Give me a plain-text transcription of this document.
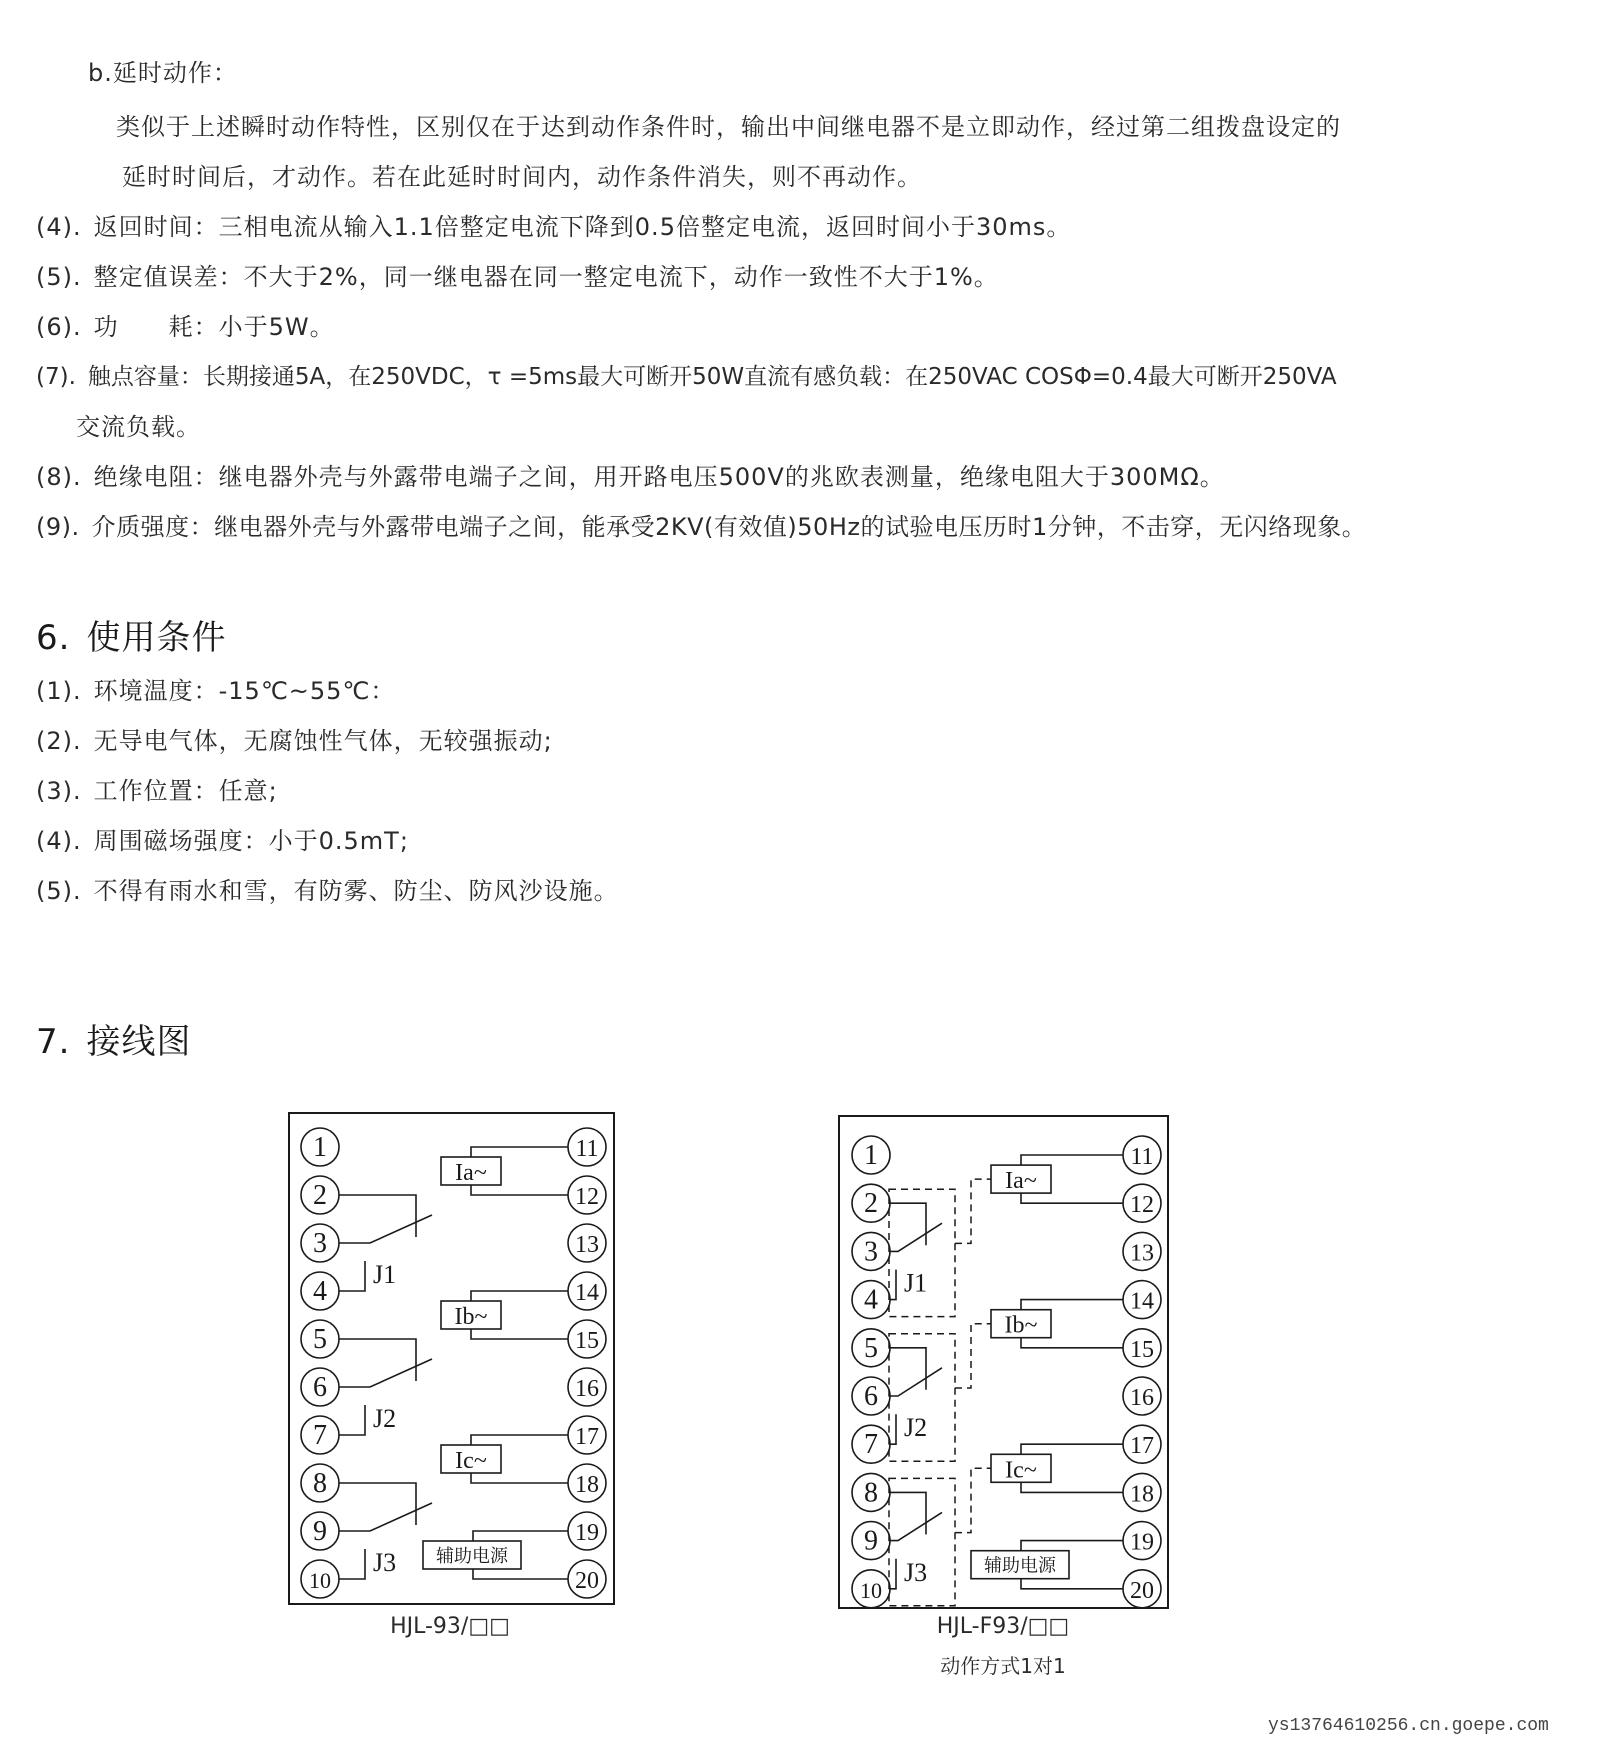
b.延时动作：
类似于上述瞬时动作特性，区别仅在于达到动作条件时，输出中间继电器不是立即动作，经过第二组拨盘设定的
延时时间后，才动作。若在此延时时间内，动作条件消失，则不再动作。
(4). 返回时间：三相电流从输入1.1倍整定电流下降到0.5倍整定电流，返回时间小于30ms。
(5). 整定值误差：不大于2%，同一继电器在同一整定电流下，动作一致性不大于1%。
(6). 功　　耗：小于5W。
(7). 触点容量：长期接通5A，在250VDC，τ =5ms最大可断开50W直流有感负载：在250VAC COSΦ=0.4最大可断开250VA
交流负载。
(8). 绝缘电阻：继电器外壳与外露带电端子之间，用开路电压500V的兆欧表测量，绝缘电阻大于300MΩ。
(9). 介质强度：继电器外壳与外露带电端子之间，能承受2KV(有效值)50Hz的试验电压历时1分钟，不击穿，无闪络现象。
6. 使用条件
(1). 环境温度：-15℃~55℃：
(2). 无导电气体，无腐蚀性气体，无较强振动;
(3). 工作位置：任意;
(4). 周围磁场强度：小于0.5mT;
(5). 不得有雨水和雪，有防雾、防尘、防风沙设施。
7. 接线图
1
2
3
4
5
6
7
8
9
10
11
12
13
14
15
16
17
18
19
20
J1
J2
J3
Ia~
Ib~
Ic~
辅助电源
HJL-93/□□
1
2
3
4
5
6
7
8
9
10
11
12
13
14
15
16
17
18
19
20
J1
J2
J3
Ia~
Ib~
Ic~
辅助电源
HJL-F93/□□
动作方式1对1
ys13764610256.cn.goepe.com
